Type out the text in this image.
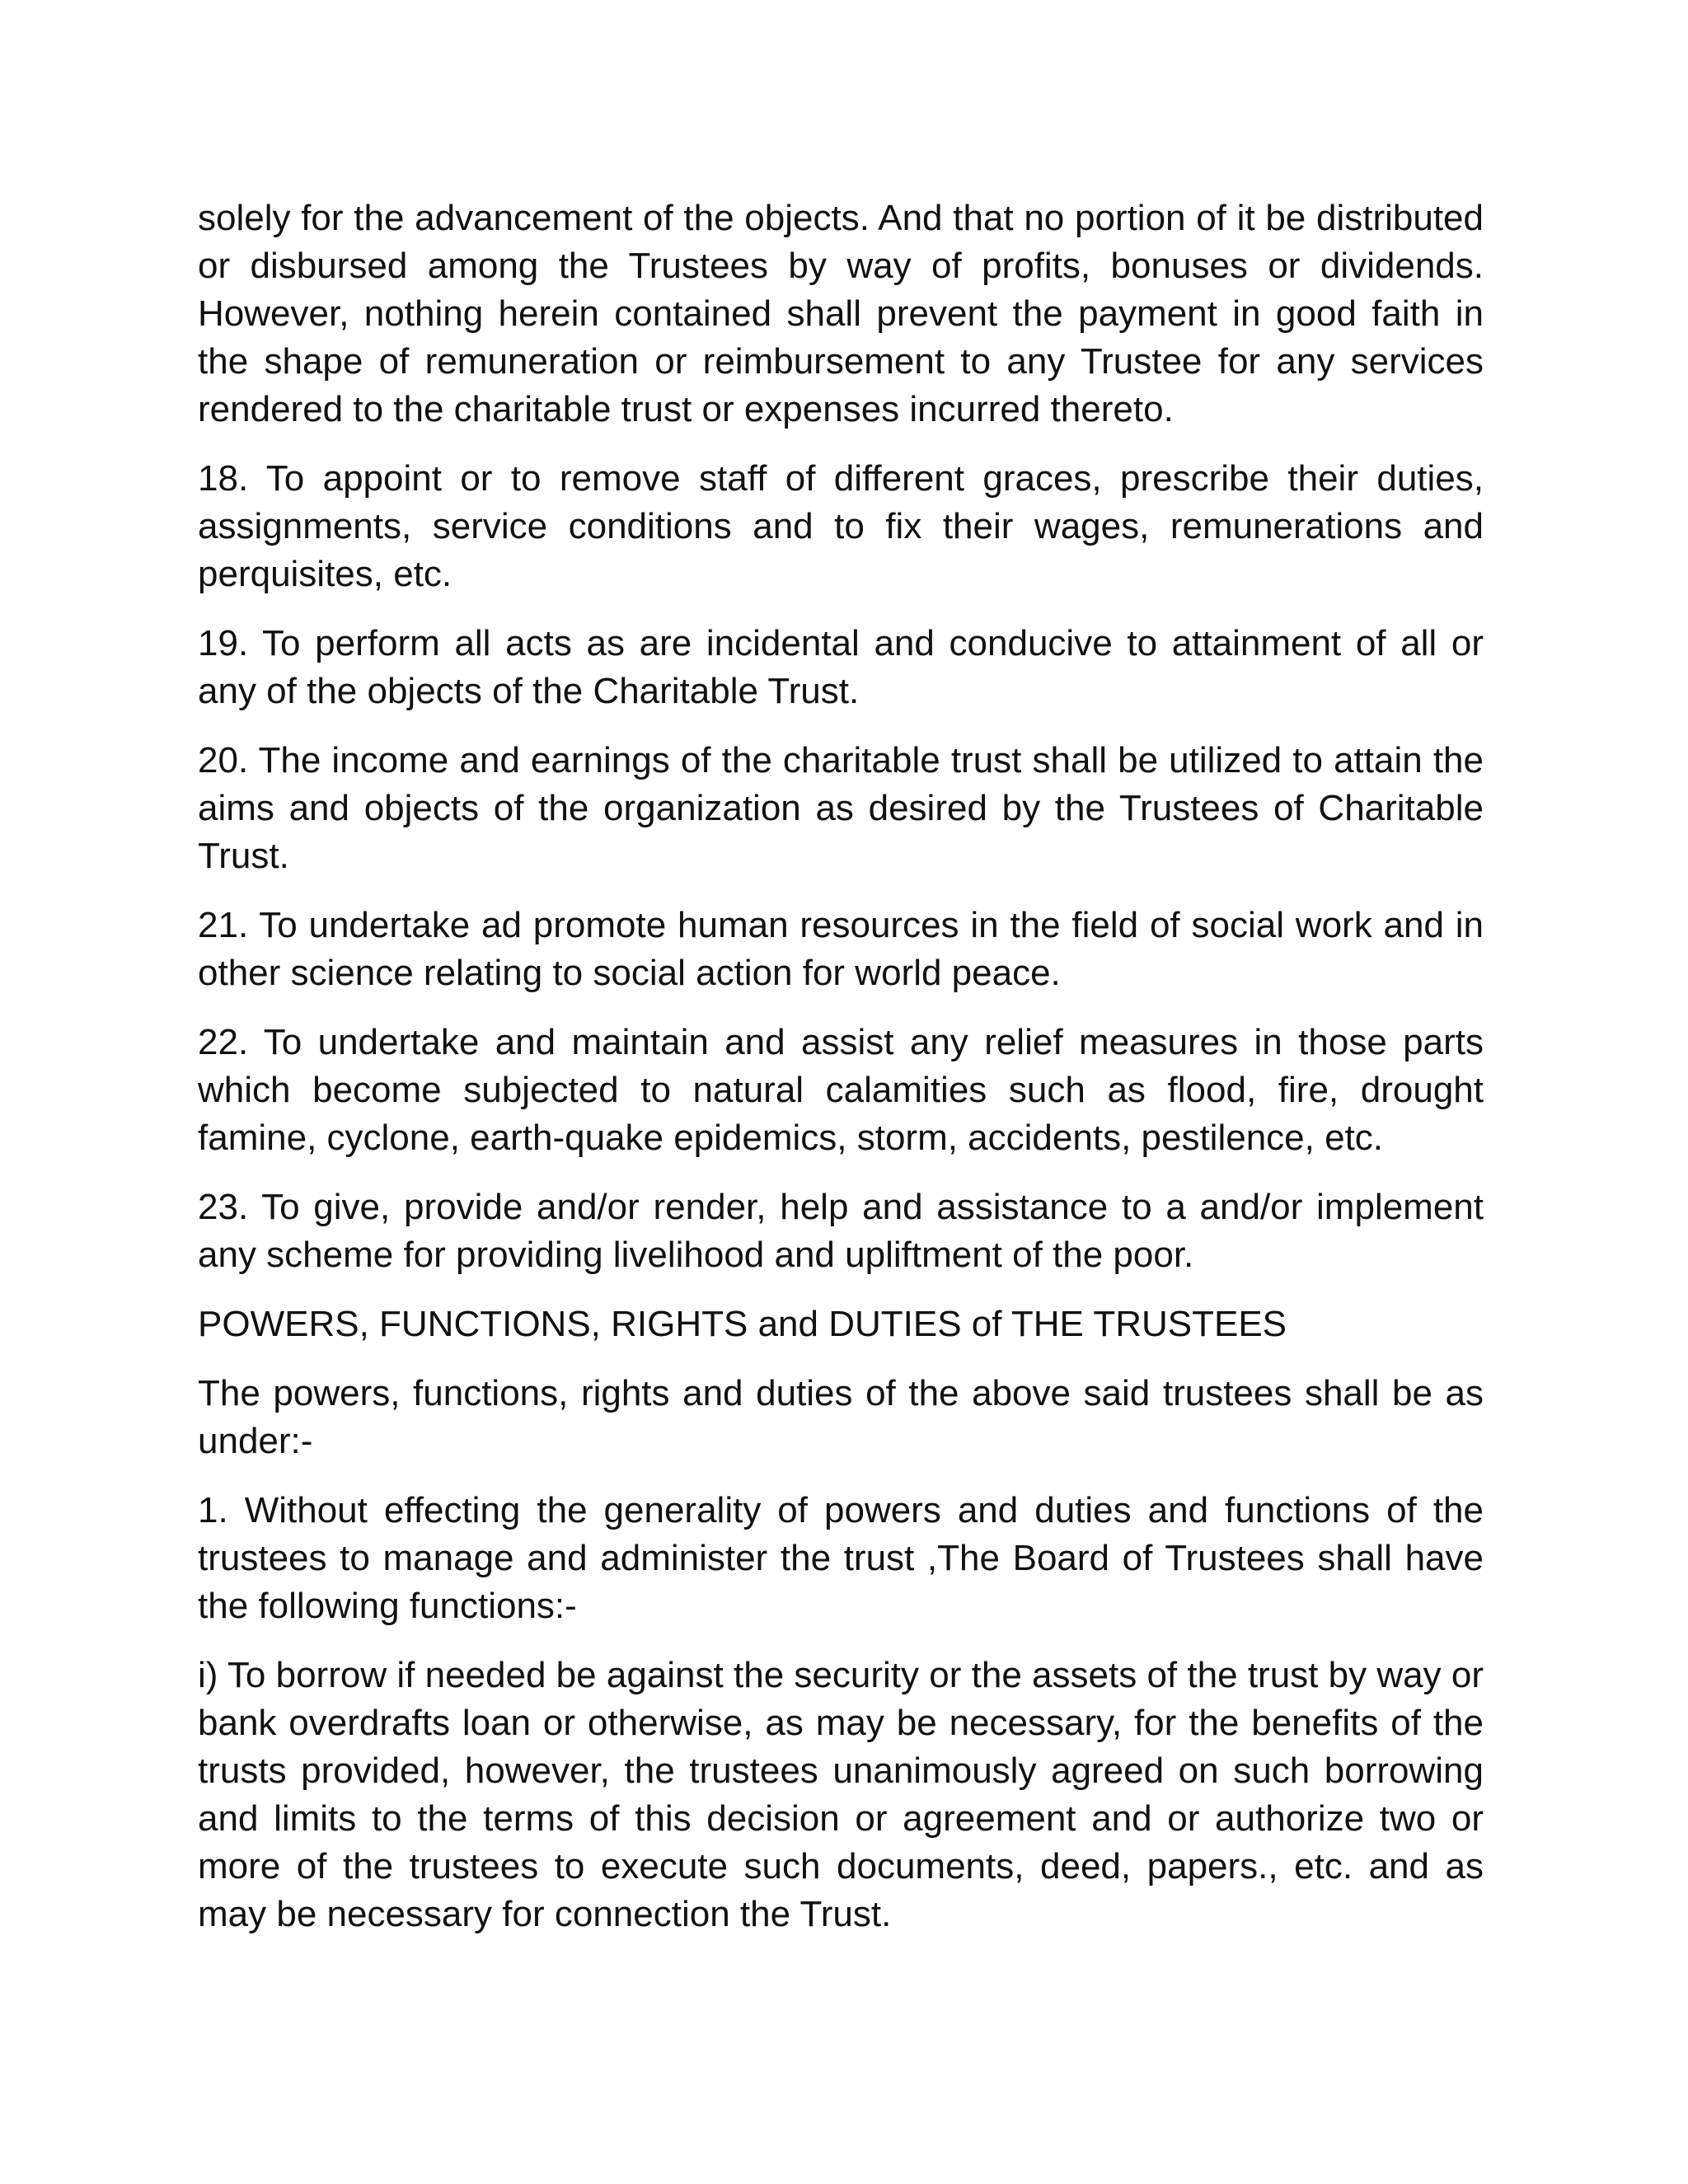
solely for the advancement of the objects. And that no portion of it be distributed or disbursed among the Trustees by way of profits, bonuses or dividends. However, nothing herein contained shall prevent the payment in good faith in the shape of remuneration or reimbursement to any Trustee for any services rendered to the charitable trust or expenses incurred thereto.

18. To appoint or to remove staff of different graces, prescribe their duties, assignments, service conditions and to fix their wages, remunerations and perquisites, etc.

19. To perform all acts as are incidental and conducive to attainment of all or any of the objects of the Charitable Trust.

20. The income and earnings of the charitable trust shall be utilized to attain the aims and objects of the organization as desired by the Trustees of Charitable Trust.

21. To undertake ad promote human resources in the field of social work and in other science relating to social action for world peace.

22. To undertake and maintain and assist any relief measures in those parts which become subjected to natural calamities such as flood, fire, drought famine, cyclone, earth-quake epidemics, storm, accidents, pestilence, etc.

23. To give, provide and/or render, help and assistance to a and/or implement any scheme for providing livelihood and upliftment of the poor.

POWERS, FUNCTIONS, RIGHTS and DUTIES of THE TRUSTEES

The powers, functions, rights and duties of the above said trustees shall be as under:-

1. Without effecting the generality of powers and duties and functions of the trustees to manage and administer the trust ,The Board of Trustees shall have the following functions:-

i) To borrow if needed be against the security or the assets of the trust by way or bank overdrafts loan or otherwise, as may be necessary, for the benefits of the trusts provided, however, the trustees unanimously agreed on such borrowing and limits to the terms of this decision or agreement and or authorize two or more of the trustees to execute such documents, deed, papers., etc. and as may be necessary for connection the Trust.
